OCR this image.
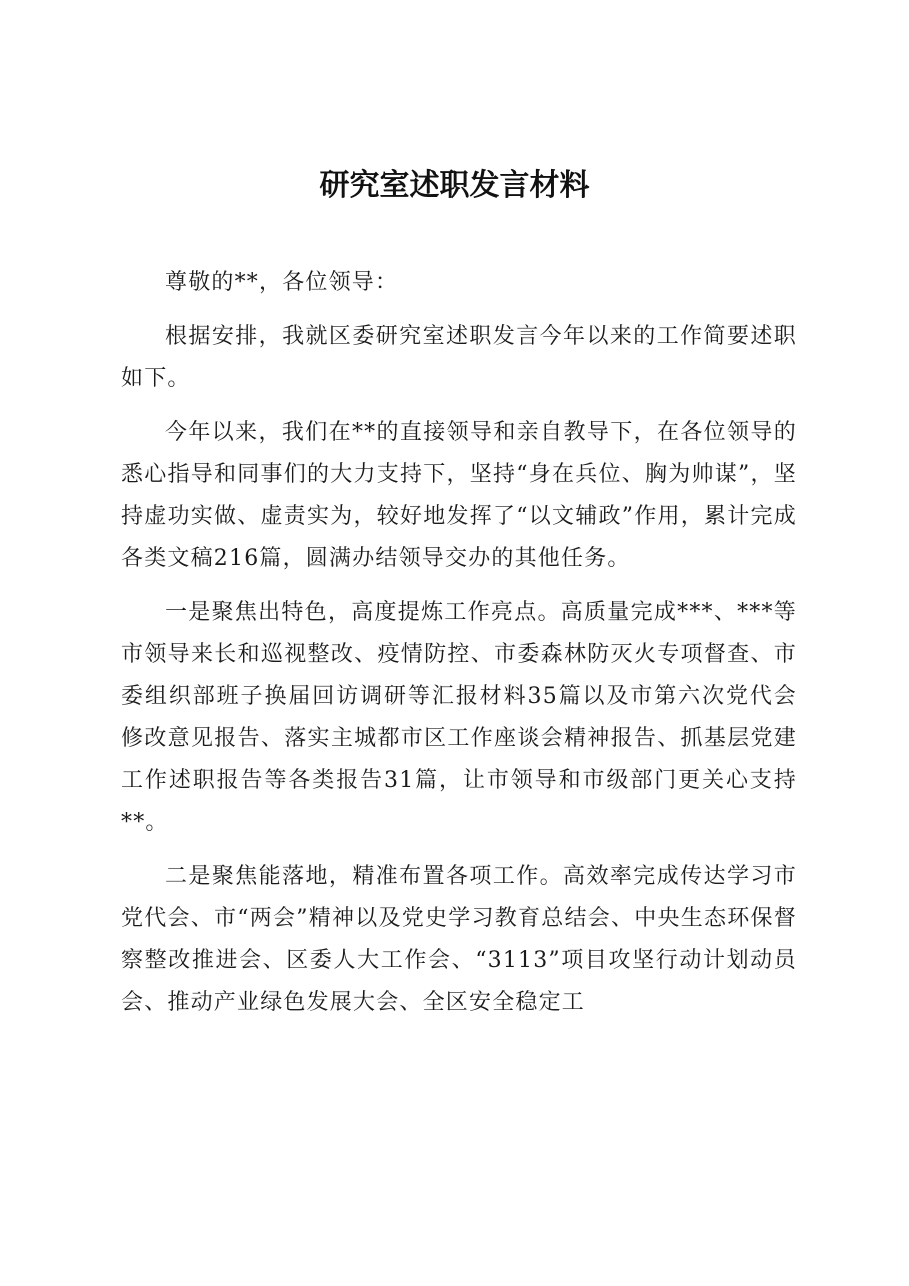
研究室述职发言材料

尊敬的**，各位领导：

根据安排，我就区委研究室述职发言今年以来的工作简要述职如下。

今年以来，我们在**的直接领导和亲自教导下，在各位领导的悉心指导和同事们的大力支持下，坚持“身在兵位、胸为帅谋”，坚持虚功实做、虚责实为，较好地发挥了“以文辅政”作用，累计完成各类文稿216篇，圆满办结领导交办的其他任务。

一是聚焦出特色，高度提炼工作亮点。高质量完成***、***等市领导来长和巡视整改、疫情防控、市委森林防灭火专项督查、市委组织部班子换届回访调研等汇报材料35篇以及市第六次党代会修改意见报告、落实主城都市区工作座谈会精神报告、抓基层党建工作述职报告等各类报告31篇，让市领导和市级部门更关心支持**。

二是聚焦能落地，精准布置各项工作。高效率完成传达学习市党代会、市“两会”精神以及党史学习教育总结会、中央生态环保督察整改推进会、区委人大工作会、“3113”项目攻坚行动计划动员会、推动产业绿色发展大会、全区安全稳定工
